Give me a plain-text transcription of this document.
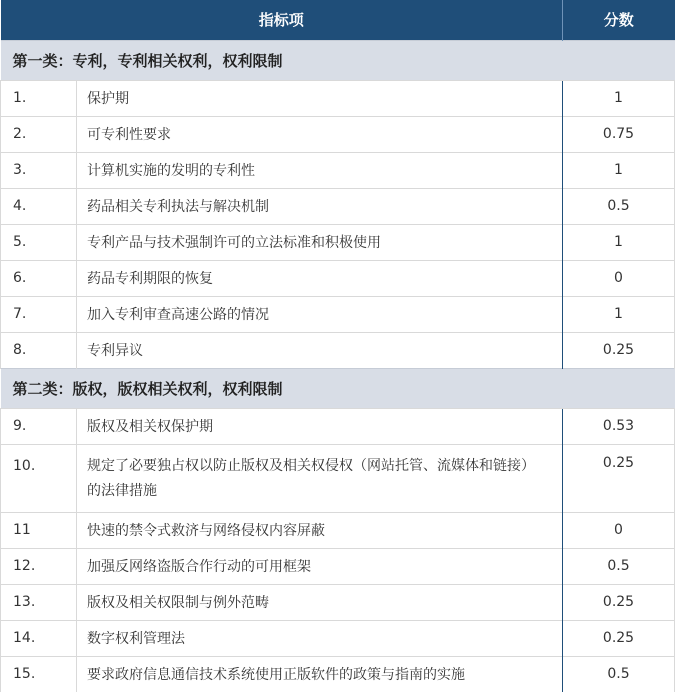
指标项		分数
第一类：专利，专利相关权利，权利限制		
1.	保护期	1
2.	可专利性要求	0.75
3.	计算机实施的发明的专利性	1
4.	药品相关专利执法与解决机制	0.5
5.	专利产品与技术强制许可的立法标准和积极使用	1
6.	药品专利期限的恢复	0
7.	加入专利审查高速公路的情况	1
8.	专利异议	0.25
第二类：版权，版权相关权利，权利限制		
9.	版权及相关权保护期	0.53
10.	规定了必要独占权以防止版权及相关权侵权（网站托管、流媒体和链接）的法律措施	0.25
11	快速的禁令式救济与网络侵权内容屏蔽	0
12.	加强反网络盗版合作行动的可用框架	0.5
13.	版权及相关权限制与例外范畴	0.25
14.	数字权利管理法	0.25
15.	要求政府信息通信技术系统使用正版软件的政策与指南的实施	0.5
